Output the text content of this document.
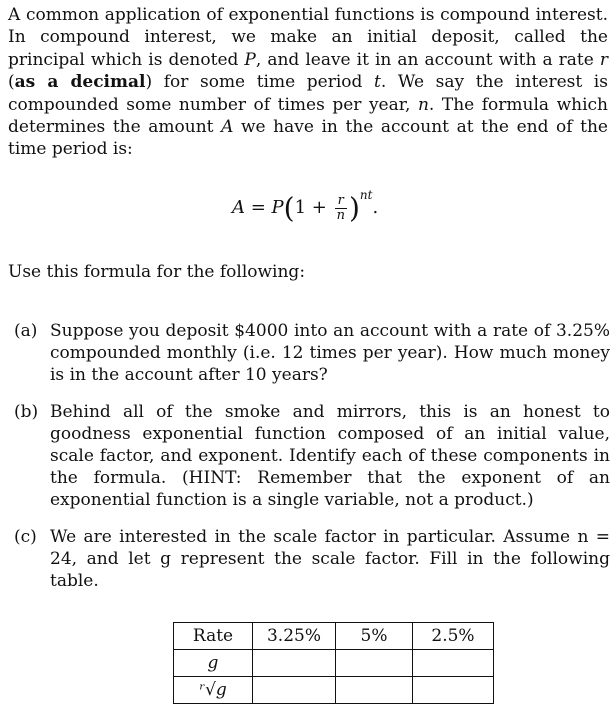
A common application of exponential functions is compound interest. In compound interest, we make an initial deposit, called the principal which is denoted P, and leave it in an account with a rate r (as a decimal) for some time period t. We say the interest is compounded some number of times per year, n. The formula which determines the amount A we have in the account at the end of the time period is:

$A = P(1 + \frac{r}{n} )^{nt}$.

Use this formula for the following:

(a) Suppose you deposit $4000 into an account with a rate of 3.25% compounded monthly (i.e. 12 times per year). How much money is in the account after 10 years?
(b) Behind all of the smoke and mirrors, this is an honest to goodness exponential function composed of an initial value, scale factor, and exponent. Identify each of these components in the formula. (HINT: Remember that the exponent of an exponential function is a single variable, not a product.)
(c) We are interested in the scale factor in particular. Assume n = 24, and let g represent the scale factor. Fill in the following table.
Rate	3.25%	5%	2.5%
g			
ʳ√g			
